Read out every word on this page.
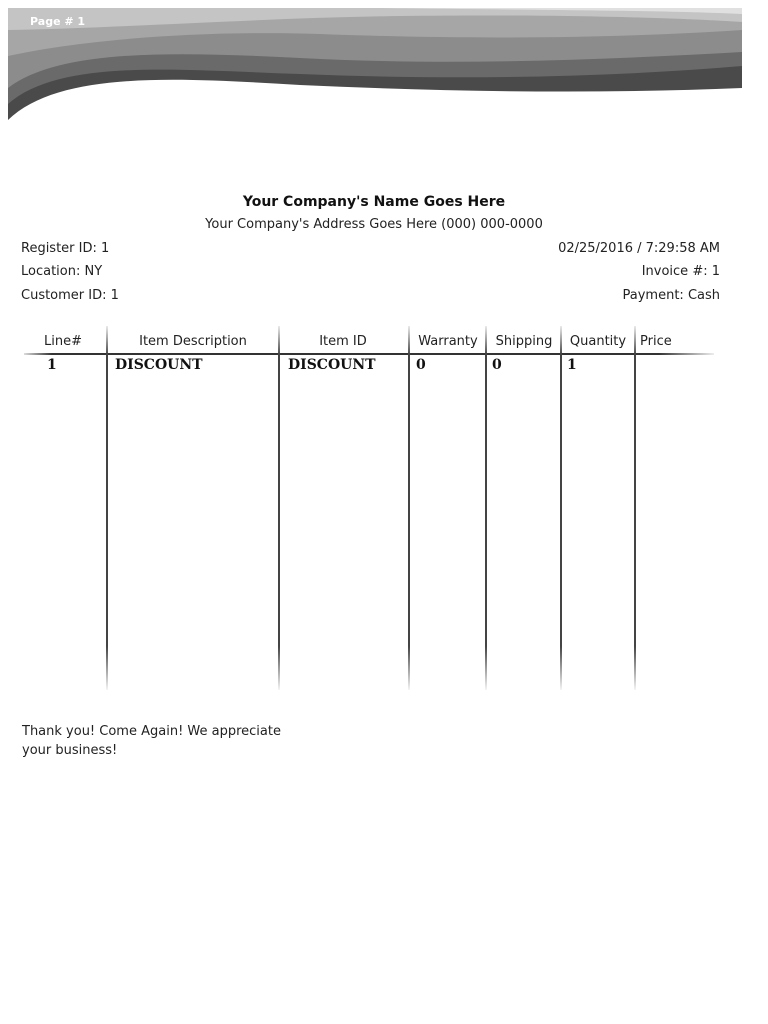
Page # 1
Your Company's Name Goes Here
Your Company's Address Goes Here (000) 000-0000
Register ID: 1
Location: NY
Customer ID: 1
02/25/2016 / 7:29:58 AM
Invoice #: 1
Payment: Cash
Line#	Item Description	Item ID	Warranty	Shipping	Quantity	Price
1	DISCOUNT	DISCOUNT	0	0	1
Thank you! Come Again! We appreciate your business!
